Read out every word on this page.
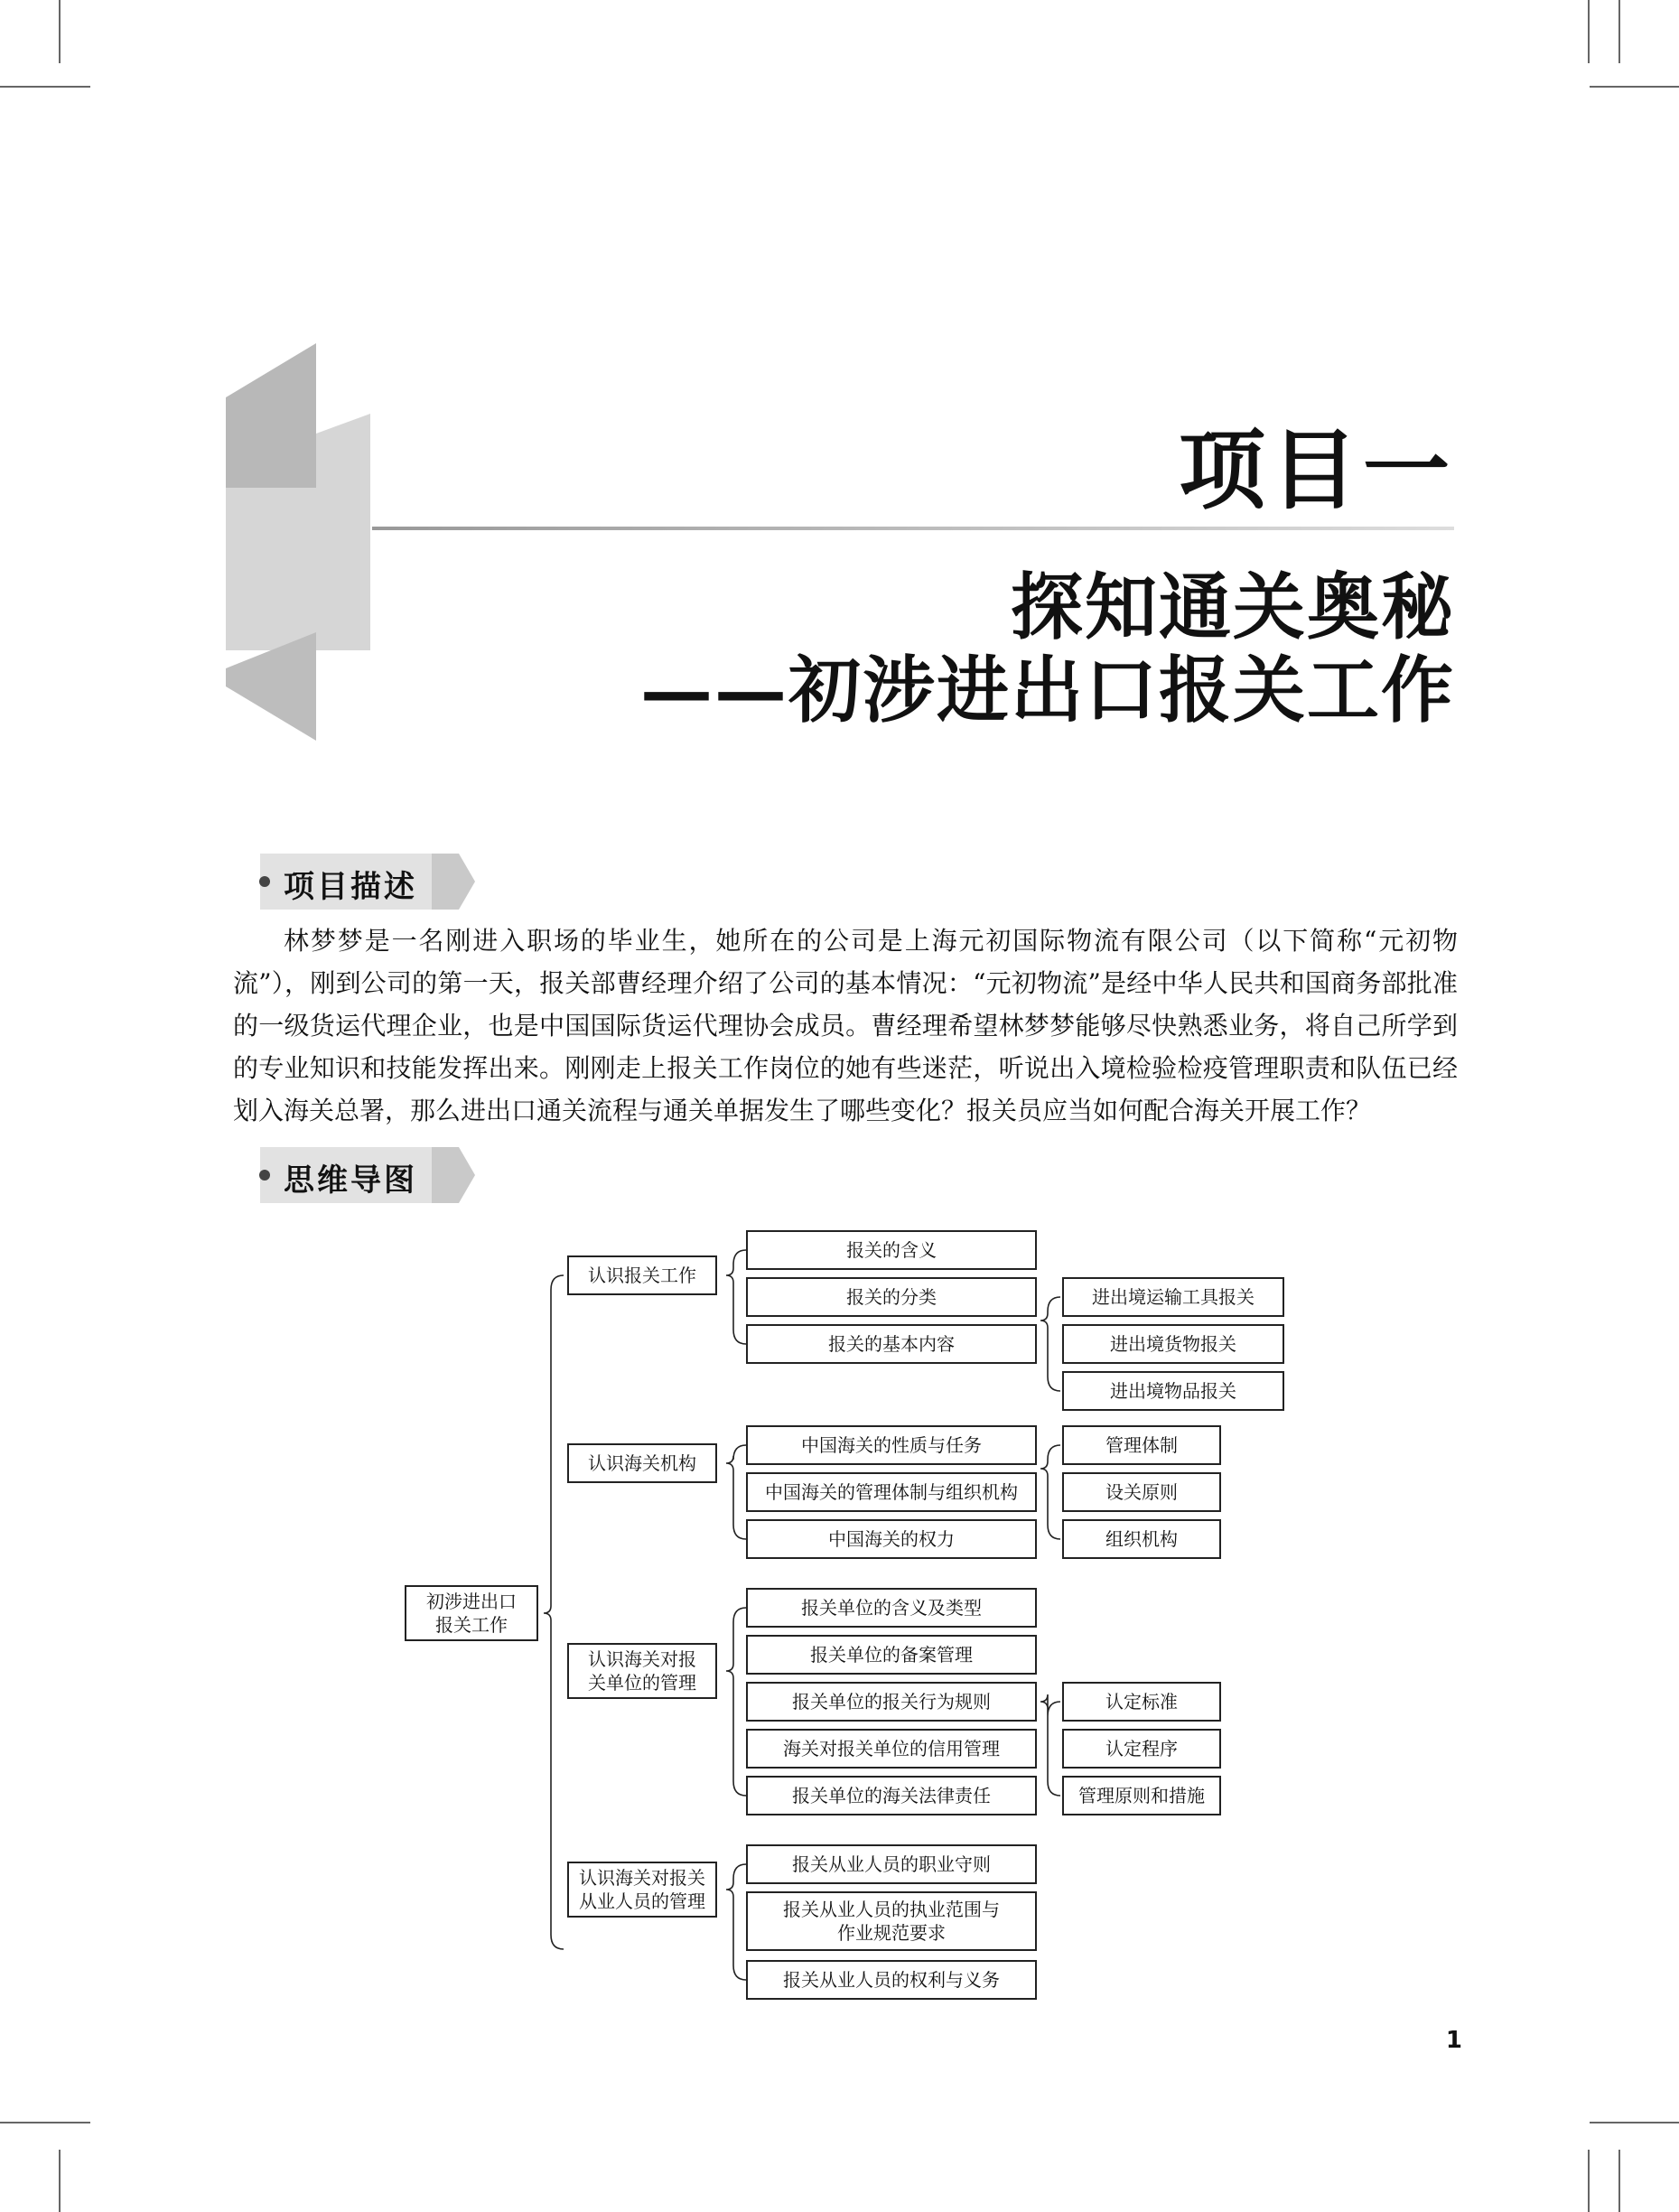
项目一
探知通关奥秘
——初涉进出口报关工作
项目描述
林梦梦是一名刚进入职场的毕业生，她所在的公司是上海元初国际物流有限公司（以下简称“元初物流”），刚到公司的第一天，报关部曹经理介绍了公司的基本情况：“元初物流”是经中华人民共和国商务部批准的一级货运代理企业，也是中国国际货运代理协会成员。曹经理希望林梦梦能够尽快熟悉业务，将自己所学到的专业知识和技能发挥出来。刚刚走上报关工作岗位的她有些迷茫，听说出入境检验检疫管理职责和队伍已经划入海关总署，那么进出口通关流程与通关单据发生了哪些变化？报关员应当如何配合海关开展工作？
思维导图
初涉进出口
报关工作
认识报关工作
报关的含义
报关的分类
报关的基本内容
进出境运输工具报关
进出境货物报关
进出境物品报关
认识海关机构
中国海关的性质与任务
中国海关的管理体制与组织机构
中国海关的权力
管理体制
设关原则
组织机构
认识海关对报
关单位的管理
报关单位的含义及类型
报关单位的备案管理
报关单位的报关行为规则
海关对报关单位的信用管理
报关单位的海关法律责任
认定标准
认定程序
管理原则和措施
认识海关对报关
从业人员的管理
报关从业人员的职业守则
报关从业人员的执业范围与
作业规范要求
报关从业人员的权利与义务
1
